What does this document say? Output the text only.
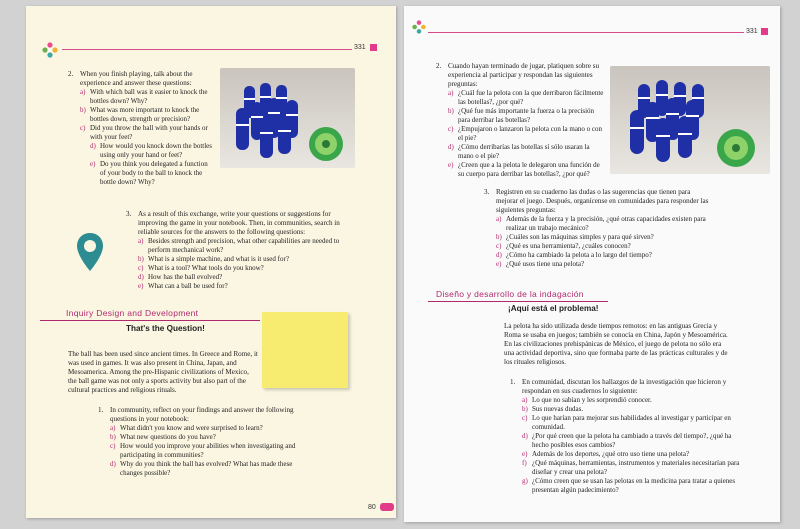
331
2. When you finish playing, talk about the experience and answer these questions:
a) With which ball was it easier to knock the bottles down? Why?
b) What was more important to knock the bottles down, strength or precision?
c) Did you throw the ball with your hands or with your feet?
d) How would you knock down the bottles using only your hand or feet?
e) Do you think you delegated a function of your body to the ball to knock the bottle down? Why?
3. As a result of this exchange, write your questions or suggestions for improving the game in your notebook. Then, in communities, search in reliable sources for the answers to the following questions:
a) Besides strength and precision, what other capabilities are needed to perform mechanical work?
b) What is a simple machine, and what is it used for?
c) What is a tool? What tools do you know?
d) How has the ball evolved?
e) What can a ball be used for?
Inquiry Design and Development
That's the Question!
The ball has been used since ancient times. In Greece and Rome, it was used in games. It was also present in China, Japan, and Mesoamerica. Among the pre-Hispanic civilizations of Mexico, the ball game was not only a sports activity but also part of the cultural practices and religious rituals.
1. In community, reflect on your findings and answer the following questions in your notebook:
a) What didn't you know and were surprised to learn?
b) What new questions do you have?
c) How would you improve your abilities when investigating and participating in communities?
d) Why do you think the ball has evolved? What has made these changes possible?
80
331
2. Cuando hayan terminado de jugar, platiquen sobre su experiencia al participar y respondan las siguientes preguntas:
a) ¿Cuál fue la pelota con la que derribaron fácilmente las botellas?, ¿por qué?
b) ¿Qué fue más importante la fuerza o la precisión para derribar las botellas?
c) ¿Empujaron o lanzaron la pelota con la mano o con el pie?
d) ¿Cómo derribarías las botellas sí sólo usaran la mano o el pie?
e) ¿Creen que a la pelota le delegaron una función de su cuerpo para derribar las botellas?, ¿por qué?
3. Registren en su cuaderno las dudas o las sugerencias que tienen para mejorar el juego. Después, organícense en comunidades para responder las siguientes preguntas:
a) Además de la fuerza y la precisión, ¿qué otras capacidades existen para realizar un trabajo mecánico?
b) ¿Cuáles son las máquinas simples y para qué sirven?
c) ¿Qué es una herramienta?, ¿cuáles conocen?
d) ¿Cómo ha cambiado la pelota a lo largo del tiempo?
e) ¿Qué usos tiene una pelota?
Diseño y desarrollo de la indagación
¡Aquí está el problema!
La pelota ha sido utilizada desde tiempos remotos: en las antiguas Grecia y Roma se usaba en juegos; también se conocía en China, Japón y Mesoamérica. En las civilizaciones prehispánicas de México, el juego de pelota no sólo era una actividad deportiva, sino que formaba parte de las prácticas culturales y de los rituales religiosos.
1. En comunidad, discutan los hallazgos de la investigación que hicieron y respondan en sus cuadernos lo siguiente:
a) Lo que no sabían y les sorprendió conocer.
b) Sus nuevas dudas.
c) Lo que harían para mejorar sus habilidades al investigar y participar en comunidad.
d) ¿Por qué creen que la pelota ha cambiado a través del tiempo?, ¿qué ha hecho posibles esos cambios?
e) Además de los deportes, ¿qué otro uso tiene una pelota?
f) ¿Qué máquinas, herramientas, instrumentos y materiales necesitarían para diseñar y crear una pelota?
g) ¿Cómo creen que se usan las pelotas en la medicina para tratar a quienes presentan algún padecimiento?
